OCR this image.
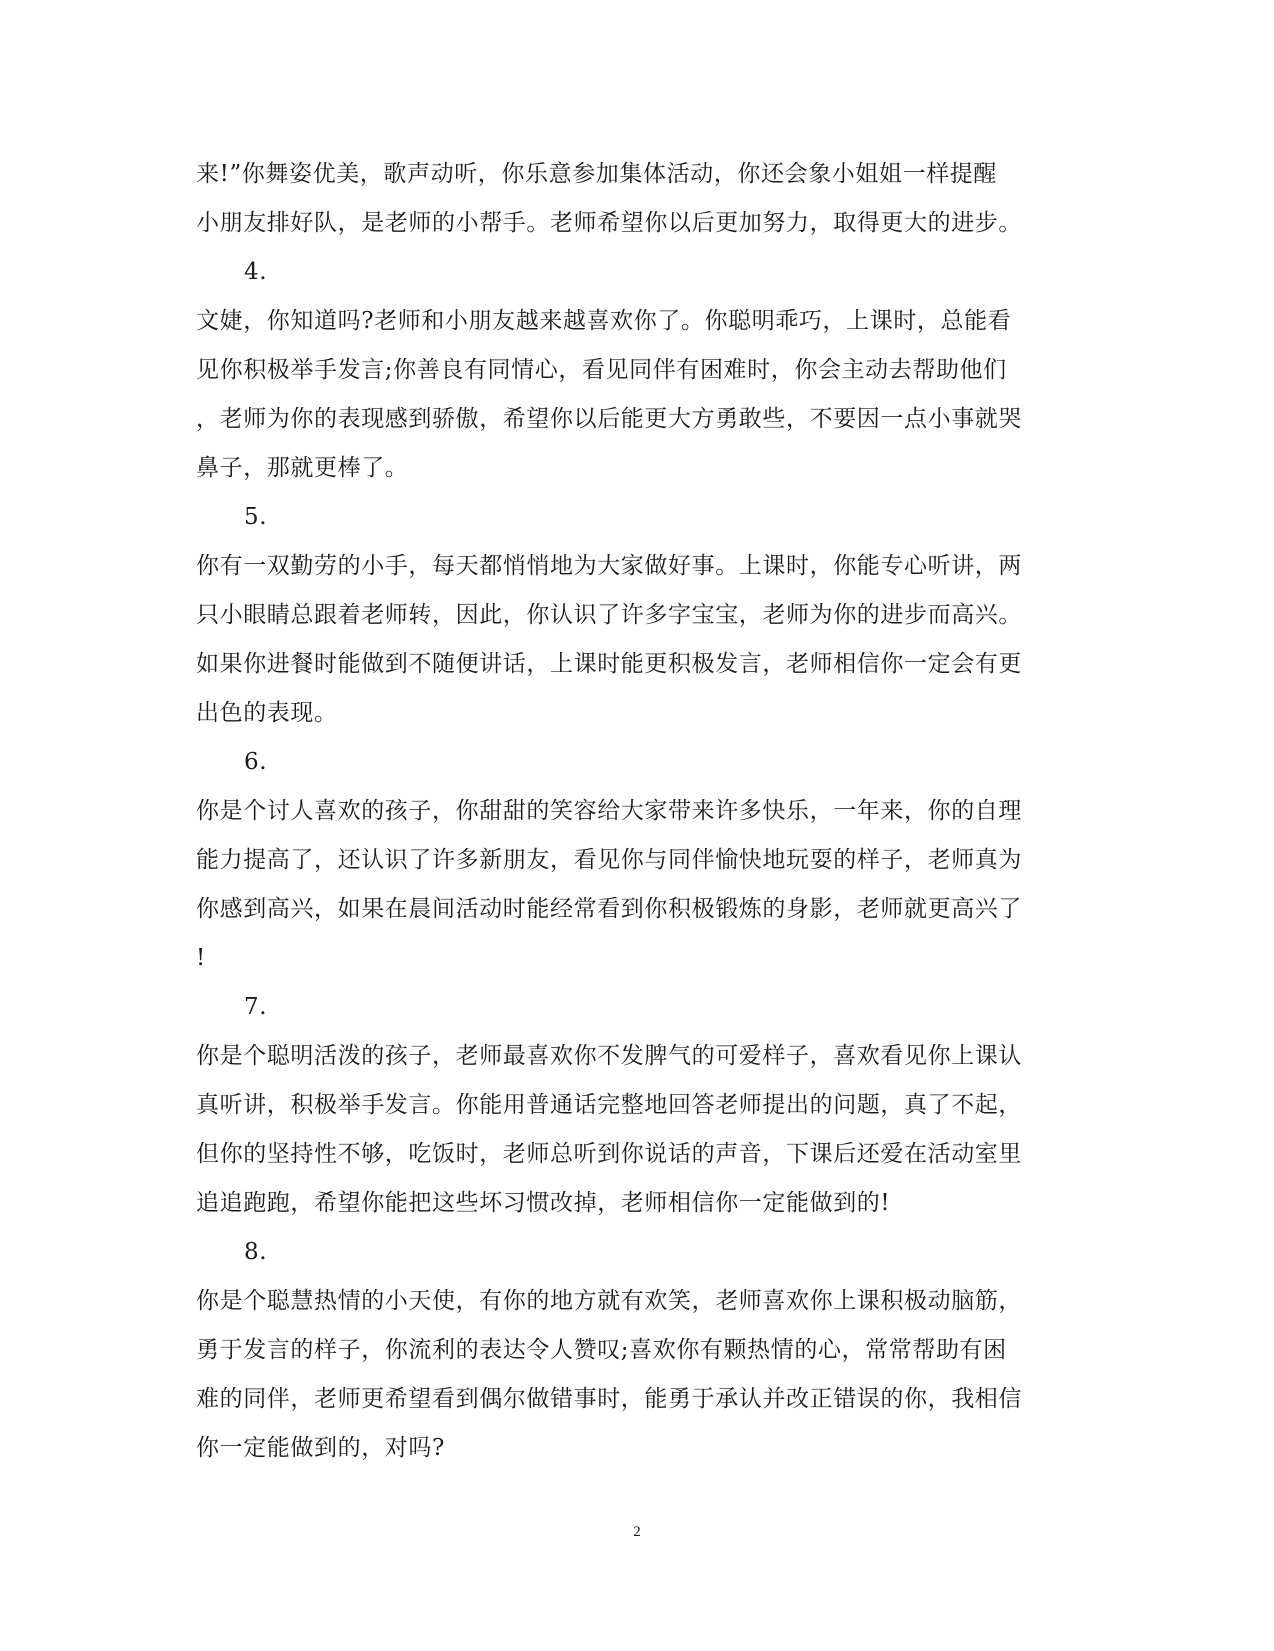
来!”你舞姿优美，歌声动听，你乐意参加集体活动，你还会象小姐姐一样提醒
小朋友排好队，是老师的小帮手。老师希望你以后更加努力，取得更大的进步。
4.
文婕，你知道吗?老师和小朋友越来越喜欢你了。你聪明乖巧，上课时，总能看
见你积极举手发言;你善良有同情心，看见同伴有困难时，你会主动去帮助他们
，老师为你的表现感到骄傲，希望你以后能更大方勇敢些，不要因一点小事就哭
鼻子，那就更棒了。
5.
你有一双勤劳的小手，每天都悄悄地为大家做好事。上课时，你能专心听讲，两
只小眼睛总跟着老师转，因此，你认识了许多字宝宝，老师为你的进步而高兴。
如果你进餐时能做到不随便讲话，上课时能更积极发言，老师相信你一定会有更
出色的表现。
6.
你是个讨人喜欢的孩子，你甜甜的笑容给大家带来许多快乐，一年来，你的自理
能力提高了，还认识了许多新朋友，看见你与同伴愉快地玩耍的样子，老师真为
你感到高兴，如果在晨间活动时能经常看到你积极锻炼的身影，老师就更高兴了
!
7.
你是个聪明活泼的孩子，老师最喜欢你不发脾气的可爱样子，喜欢看见你上课认
真听讲，积极举手发言。你能用普通话完整地回答老师提出的问题，真了不起，
但你的坚持性不够，吃饭时，老师总听到你说话的声音，下课后还爱在活动室里
追追跑跑，希望你能把这些坏习惯改掉，老师相信你一定能做到的!
8.
你是个聪慧热情的小天使，有你的地方就有欢笑，老师喜欢你上课积极动脑筋，
勇于发言的样子，你流利的表达令人赞叹;喜欢你有颗热情的心，常常帮助有困
难的同伴，老师更希望看到偶尔做错事时，能勇于承认并改正错误的你，我相信
你一定能做到的，对吗?
2
